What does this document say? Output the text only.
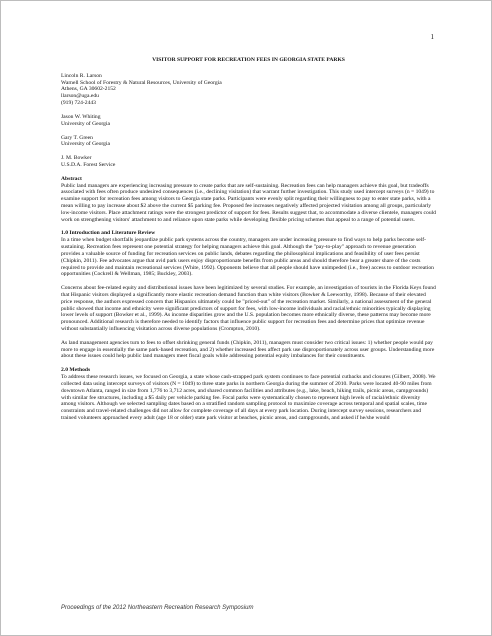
1
VISITOR SUPPORT FOR RECREATION FEES IN GEORGIA STATE PARKS
Lincoln R. Larson
Warnell School of Forestry & Natural Resources, University of Georgia
Athens, GA 30602-2152
llarson@uga.edu
(919) 724-2443
Jason W. Whiting
University of Georgia
Gary T. Green
University of Georgia
J. M. Bowker
U.S.D.A. Forest Service
Abstract
Public land managers are experiencing increasing pressure to create parks that are self-sustaining. Recreation fees can help managers achieve this goal, but tradeoffs associated with fees often produce undesired consequences (i.e., declining visitation) that warrant further investigation. This study used intercept surveys (n = 1049) to examine support for recreation fees among visitors to Georgia state parks. Participants were evenly split regarding their willingness to pay to enter state parks, with a mean willing to pay increase about $2 above the current $5 parking fee. Proposed fee increases negatively affected projected visitation among all groups, particularly low-income visitors. Place attachment ratings were the strongest predictor of support for fees. Results suggest that, to accommodate a diverse clientele, managers could work on strengthening visitors' attachment to and reliance upon state parks while developing flexible pricing schemes that appeal to a range of potential users.
1.0 Introduction and Literature Review
In a time when budget shortfalls jeopardize public park systems across the country, managers are under increasing pressure to find ways to help parks become self-sustaining. Recreation fees represent one potential strategy for helping managers achieve this goal. Although the "pay-to-play" approach to revenue generation provides a valuable source of funding for recreation services on public lands, debates regarding the philosophical implications and feasibility of user fees persist (Chipkin, 2011). Fee advocates argue that avid park users enjoy disproportionate benefits from public areas and should therefore bear a greater share of the costs required to provide and maintain recreational services (White, 1992). Opponents believe that all people should have unimpeded (i.e., free) access to outdoor recreation opportunities (Cockrell & Wellman, 1985; Buckley, 2003).
Concerns about fee-related equity and distributional issues have been legitimized by several studies. For example, an investigation of tourists in the Florida Keys found that Hispanic visitors displayed a significantly more elastic recreation demand function than white visitors (Bowker & Leeworthy, 1998). Because of their elevated price response, the authors expressed concern that Hispanics ultimately could be "priced-out" of the recreation market. Similarly, a national assessment of the general public showed that income and ethnicity were significant predictors of support for fees, with low-income individuals and racial/ethnic minorities typically displaying lower levels of support (Bowker et al., 1999). As income disparities grow and the U.S. population becomes more ethnically diverse, these patterns may become more pronounced. Additional research is therefore needed to identify factors that influence public support for recreation fees and determine prices that optimize revenue without substantially influencing visitation across diverse populations (Crompton, 2010).
As land management agencies turn to fees to offset shrinking general funds (Chipkin, 2011), managers must consider two critical issues: 1) whether people would pay more to engage in essentially the same park-based recreation, and 2) whether increased fees affect park use disproportionately across user groups. Understanding more about these issues could help public land managers meet fiscal goals while addressing potential equity imbalances for their constituents.
2.0 Methods
To address these research issues, we focused on Georgia, a state whose cash-strapped park system continues to face potential cutbacks and closures (Gilbert, 2008). We collected data using intercept surveys of visitors (N = 1049) to three state parks in northern Georgia during the summer of 2010. Parks were located 40-90 miles from downtown Atlanta, ranged in size from 1,776 to 3,712 acres, and shared common facilities and attributes (e.g., lake, beach, hiking trails, picnic areas, campgrounds) with similar fee structures, including a $5 daily per vehicle parking fee. Focal parks were systematically chosen to represent high levels of racial/ethnic diversity among visitors. Although we selected sampling dates based on a stratified random sampling protocol to maximize coverage across temporal and spatial scales, time constraints and travel-related challenges did not allow for complete coverage of all days at every park location. During intercept survey sessions, researchers and trained volunteers approached every adult (age 18 or older) state park visitor at beaches, picnic areas, and campgrounds, and asked if he/she would
Proceedings of the 2012 Northeastern Recreation Research Symposium
